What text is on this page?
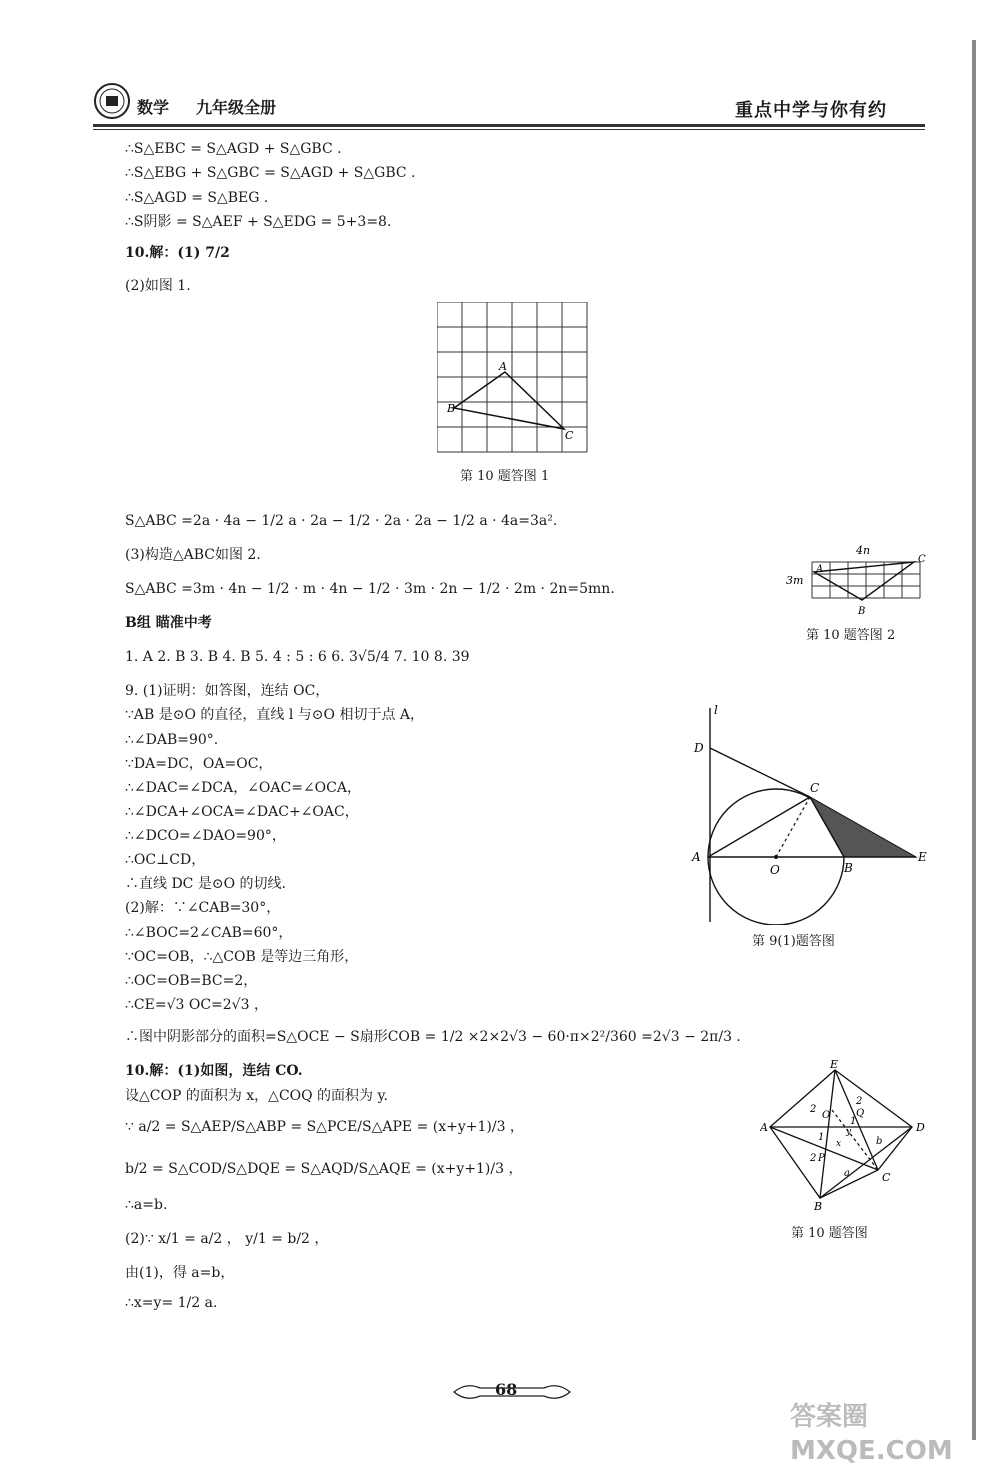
数学 九年级全册	重点中学与你有约
∴S△EBC = S△AGD + S△GBC .
∴S△EBG + S△GBC = S△AGD + S△GBC .
∴S△AGD = S△BEG .
∴S阴影 = S△AEF + S△EDG = 5+3=8.
10.解：(1) 7/2
(2)如图 1.
A
B
C
第 10 题答图 1
S△ABC =2a · 4a − 1/2 a · 2a − 1/2 · 2a · 2a − 1/2 a · 4a=3a².
(3)构造△ABC如图 2.
S△ABC =3m · 4n − 1/2 · m · 4n − 1/2 · 3m · 2n − 1/2 · 2m · 2n=5mn.
4n
3m
A
B
C
第 10 题答图 2
B组 瞄准中考
1. A 2. B 3. B 4. B 5. 4 : 5 : 6 6. 3√5/4 7. 10 8. 39
9. (1)证明：如答图，连结 OC，
∵AB 是⊙O 的直径，直线 l 与⊙O 相切于点 A，
∴∠DAB=90°.
∵DA=DC，OA=OC，
∴∠DAC=∠DCA，∠OAC=∠OCA，
∴∠DCA+∠OCA=∠DAC+∠OAC，
∴∠DCO=∠DAO=90°，
∴OC⊥CD，
∴直线 DC 是⊙O 的切线.
(2)解：∵∠CAB=30°，
∴∠BOC=2∠CAB=60°，
∵OC=OB，∴△COB 是等边三角形，
∴OC=OB=BC=2，
∴CE=√3 OC=2√3 ，
∴图中阴影部分的面积=S△OCE − S扇形COB = 1/2 ×2×2√3 − 60·π×2²/360 =2√3 − 2π/3 .
l
D
C
A
O	B
E
第 9(1)题答图
10.解：(1)如图，连结 CO.
设△COP 的面积为 x，△COQ 的面积为 y.
∵ a/2 = S△AEP/S△ABP = S△PCE/S△APE = (x+y+1)/3 ，
b/2 = S△COD/S△DQE = S△AQD/S△AQE = (x+y+1)/3 ，
∴a=b.
(2)∵ x/1 = a/2 ， y/1 = b/2 ，
由(1)，得 a=b，
∴x=y= 1/2 a.
E
A	D
B
C
O	Q
P
x
y
b
a
1
2
2
1
2
第 10 题答图
68
答案圈 MXQE.COM
